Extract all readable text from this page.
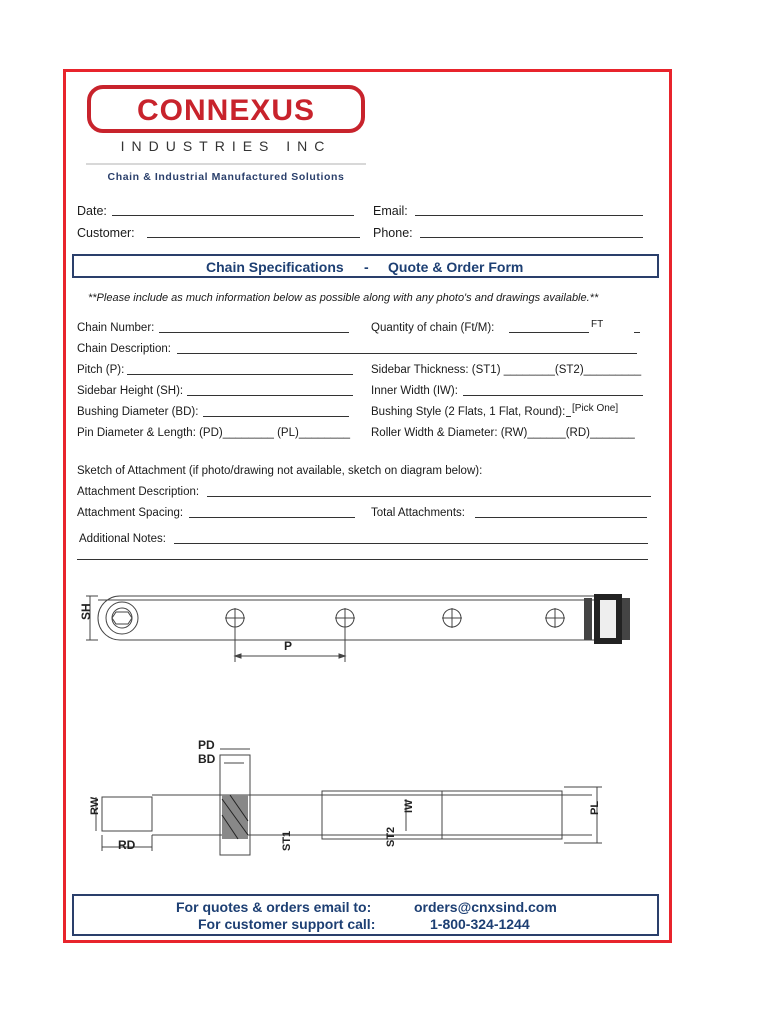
CONNEXUS
INDUSTRIES INC
Chain & Industrial Manufactured Solutions
Date:	Email:
Customer:	Phone:
Chain Specifications - Quote & Order Form
**Please include as much information below as possible along with any photo's and drawings available.**
Chain Number:	Quantity of chain (Ft/M):	FT
Chain Description:
Pitch (P):	Sidebar Thickness: (ST1) ________(ST2)_________
Sidebar Height (SH):	Inner Width (IW):
Bushing Diameter (BD):	Bushing Style (2 Flats, 1 Flat, Round): [Pick One]
Pin Diameter & Length: (PD)________ (PL)________ Roller Width & Diameter: (RW)______(RD)_______
Sketch of Attachment (if photo/drawing not available, sketch on diagram below):
Attachment Description:
Attachment Spacing:	Total Attachments:
Additional Notes:
SH
P
PD
BD
RW
RD	ST1	ST2
IW	PL
For quotes & orders email to:	orders@cnxsind.com
For customer support call:	1-800-324-1244
